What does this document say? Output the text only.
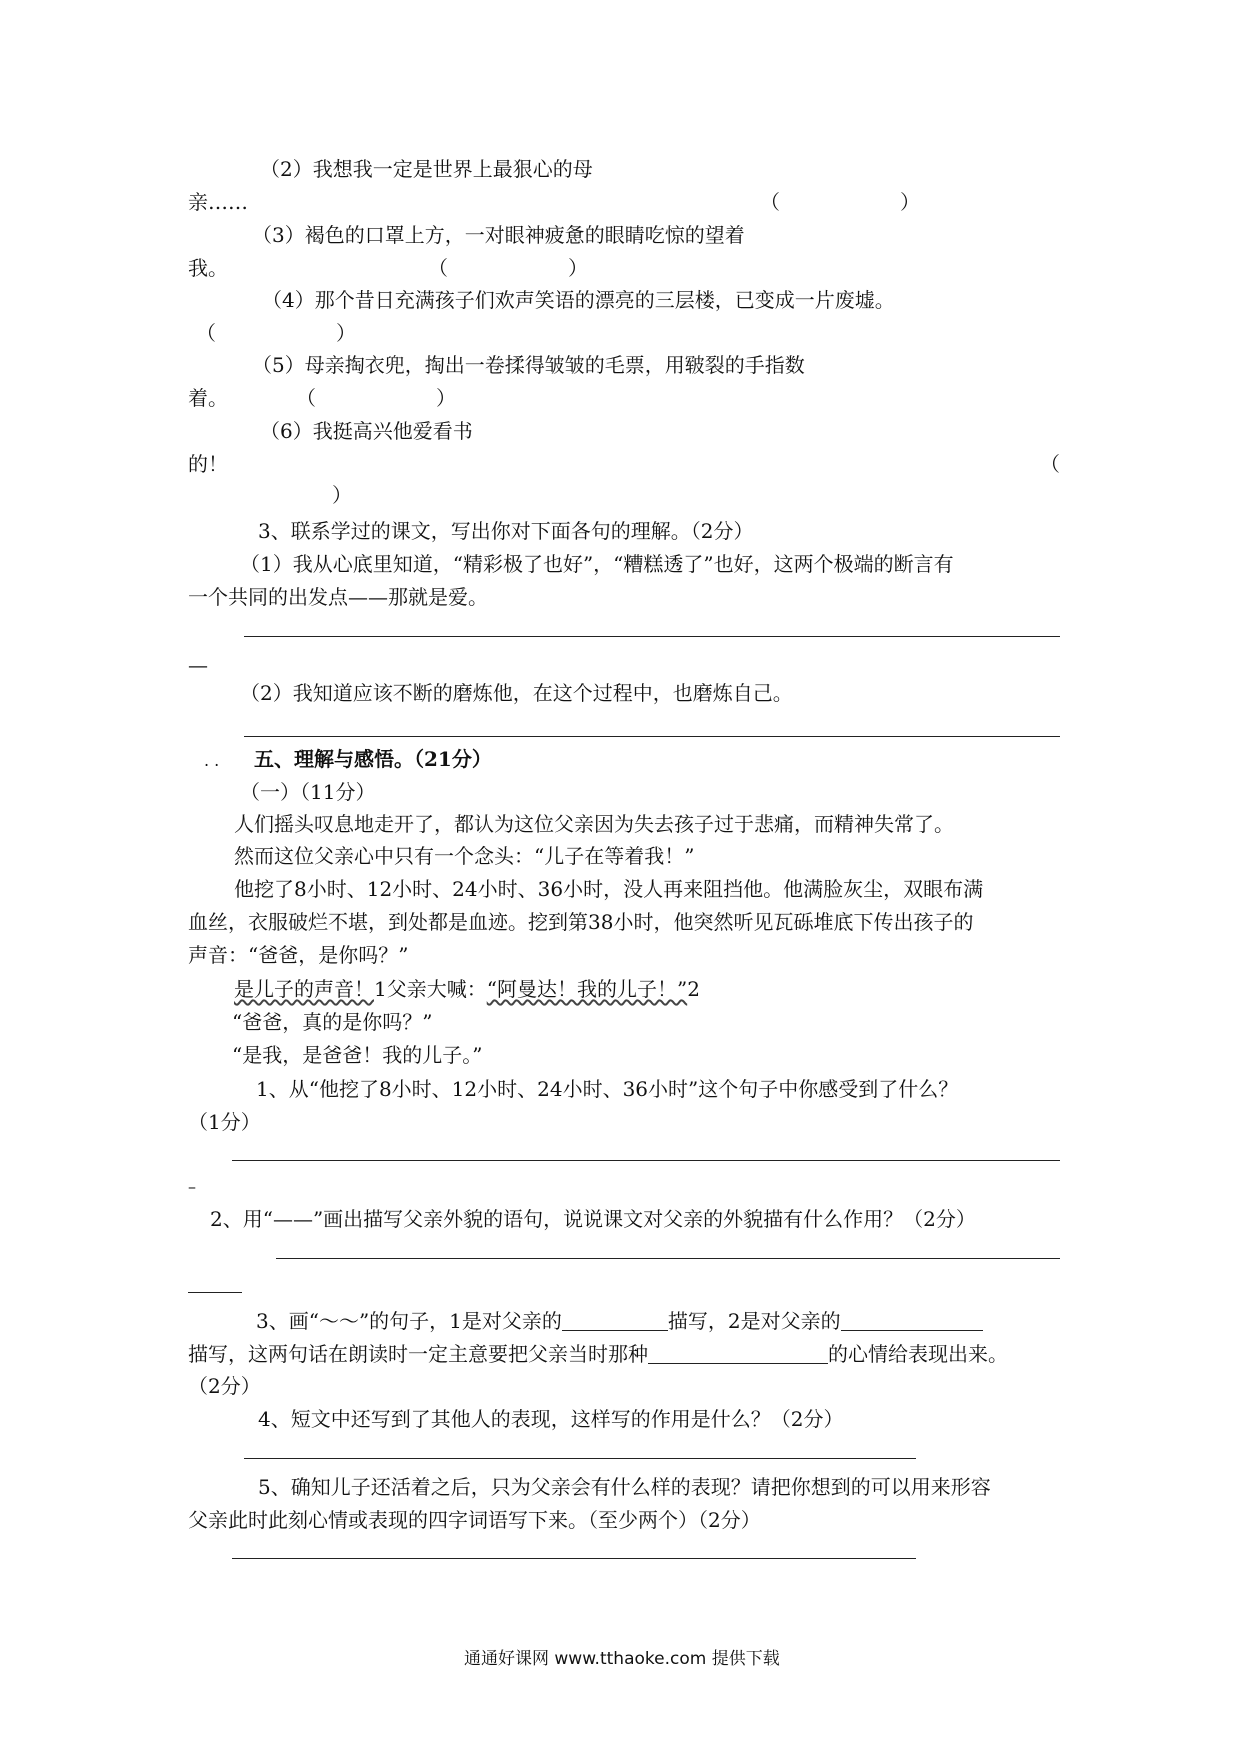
（2）我想我一定是世界上最狠心的母
亲……	（　　　　　　）
（3）褐色的口罩上方，一对眼神疲惫的眼睛吃惊的望着
我。	（　　　　　　）
（4）那个昔日充满孩子们欢声笑语的漂亮的三层楼，已变成一片废墟。
（　　　　　　）
（5）母亲掏衣兜，掏出一卷揉得皱皱的毛票，用皲裂的手指数
着。	（　　　　　　）
（6）我挺高兴他爱看书
的！	（
）
3、联系学过的课文，写出你对下面各句的理解。（2分）
（1）我从心底里知道，“精彩极了也好”，“糟糕透了”也好，这两个极端的断言有
一个共同的出发点——那就是爱。
—
（2）我知道应该不断的磨炼他，在这个过程中，也磨炼自己。
. . 五、理解与感悟。（21分）
（一）（11分）
人们摇头叹息地走开了，都认为这位父亲因为失去孩子过于悲痛，而精神失常了。
然而这位父亲心中只有一个念头：“儿子在等着我！”
他挖了8小时、12小时、24小时、36小时，没人再来阻挡他。他满脸灰尘，双眼布满
血丝，衣服破烂不堪，到处都是血迹。挖到第38小时，他突然听见瓦砾堆底下传出孩子的
声音：“爸爸，是你吗？”
是儿子的声音！1父亲大喊：“阿曼达！我的儿子！”2
“爸爸，真的是你吗？”
“是我，是爸爸！我的儿子。”
1、从“他挖了8小时、12小时、24小时、36小时”这个句子中你感受到了什么？
（1分）
–
2、用“——”画出描写父亲外貌的语句，说说课文对父亲的外貌描有什么作用？（2分）
3、画“～～”的句子，1是对父亲的	描写，2是对父亲的
描写，这两句话在朗读时一定主意要把父亲当时那种	的心情给表现出来。
（2分）
4、短文中还写到了其他人的表现，这样写的作用是什么？（2分）
5、确知儿子还活着之后，只为父亲会有什么样的表现？请把你想到的可以用来形容
父亲此时此刻心情或表现的四字词语写下来。（至少两个）（2分）
通通好课网 www.tthaoke.com 提供下载
